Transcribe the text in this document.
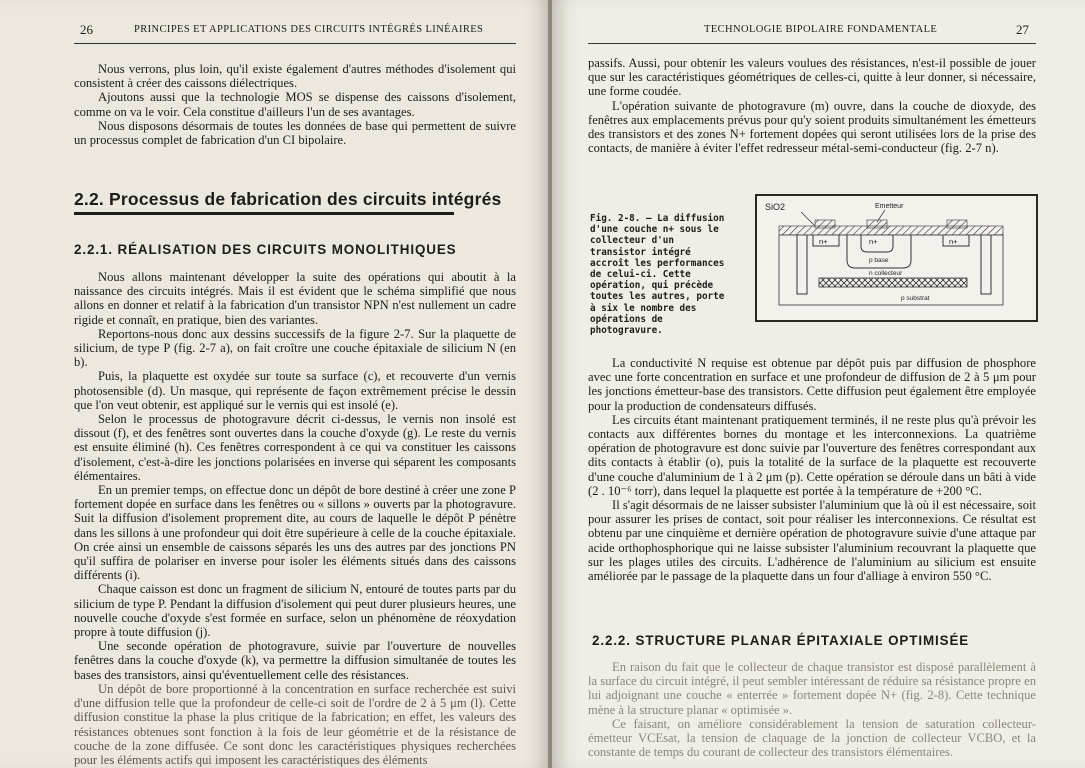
26	PRINCIPES ET APPLICATIONS DES CIRCUITS INTÉGRÉS LINÉAIRES

Nous verrons, plus loin, qu'il existe également d'autres méthodes d'isolement qui consistent à créer des caissons diélectriques.

Ajoutons aussi que la technologie MOS se dispense des caissons d'isolement, comme on va le voir. Cela constitue d'ailleurs l'un de ses avantages.

Nous disposons désormais de toutes les données de base qui permettent de suivre un processus complet de fabrication d'un CI bipolaire.

2.2. Processus de fabrication des circuits intégrés
2.2.1. RÉALISATION DES CIRCUITS MONOLITHIQUES

Nous allons maintenant développer la suite des opérations qui aboutit à la naissance des circuits intégrés. Mais il est évident que le schéma simplifié que nous allons en donner et relatif à la fabrication d'un transistor NPN n'est nullement un cadre rigide et connaît, en pratique, bien des variantes.

Reportons-nous donc aux dessins successifs de la figure 2-7. Sur la plaquette de silicium, de type P (fig. 2-7 a), on fait croître une couche épitaxiale de silicium N (en b).

Puis, la plaquette est oxydée sur toute sa surface (c), et recouverte d'un vernis photosensible (d). Un masque, qui représente de façon extrêmement précise le dessin que l'on veut obtenir, est appliqué sur le vernis qui est insolé (e).

Selon le processus de photogravure décrit ci-dessus, le vernis non insolé est dissout (f), et des fenêtres sont ouvertes dans la couche d'oxyde (g). Le reste du vernis est ensuite éliminé (h). Ces fenêtres correspondent à ce qui va constituer les caissons d'isolement, c'est-à-dire les jonctions polarisées en inverse qui séparent les composants élémentaires.

En un premier temps, on effectue donc un dépôt de bore destiné à créer une zone P fortement dopée en surface dans les fenêtres ou « sillons » ouverts par la photogravure. Suit la diffusion d'isolement proprement dite, au cours de laquelle le dépôt P pénètre dans les sillons à une profondeur qui doit être supérieure à celle de la couche épitaxiale. On crée ainsi un ensemble de caissons séparés les uns des autres par des jonctions PN qu'il suffira de polariser en inverse pour isoler les éléments situés dans des caissons différents (i).

Chaque caisson est donc un fragment de silicium N, entouré de toutes parts par du silicium de type P. Pendant la diffusion d'isolement qui peut durer plusieurs heures, une nouvelle couche d'oxyde s'est formée en surface, selon un phénomène de réoxydation propre à toute diffusion (j).

Une seconde opération de photogravure, suivie par l'ouverture de nouvelles fenêtres dans la couche d'oxyde (k), va permettre la diffusion simultanée de toutes les bases des transistors, ainsi qu'éventuellement celle des résistances.

Un dépôt de bore proportionné à la concentration en surface recherchée est suivi d'une diffusion telle que la profondeur de celle-ci soit de l'ordre de 2 à 5 μm (l). Cette diffusion constitue la phase la plus critique de la fabrication; en effet, les valeurs des résistances obtenues sont fonction à la fois de leur géométrie et de la résistance de couche de la zone diffusée. Ce sont donc les caractéristiques physiques recherchées pour les éléments actifs qui imposent les caractéristiques des éléments

TECHNOLOGIE BIPOLAIRE FONDAMENTALE	27

passifs. Aussi, pour obtenir les valeurs voulues des résistances, n'est-il possible de jouer que sur les caractéristiques géométriques de celles-ci, quitte à leur donner, si nécessaire, une forme coudée.

L'opération suivante de photogravure (m) ouvre, dans la couche de dioxyde, des fenêtres aux emplacements prévus pour qu'y soient produits simultanément les émetteurs des transistors et des zones N+ fortement dopées qui seront utilisées lors de la prise des contacts, de manière à éviter l'effet redresseur métal-semi-conducteur (fig. 2-7 n).

Fig. 2-8. — La diffusion d'une couche n+ sous le collecteur d'un transistor intégré accroît les performances de celui-ci. Cette opération, qui précède toutes les autres, porte à six le nombre des opérations de photogravure.
SiO2	Emetteur
n+	n+	n+
p base
n collecteur
p substrat

La conductivité N requise est obtenue par dépôt puis par diffusion de phosphore avec une forte concentration en surface et une profondeur de diffusion de 2 à 5 μm pour les jonctions émetteur-base des transistors. Cette diffusion peut également être employée pour la production de condensateurs diffusés.

Les circuits étant maintenant pratiquement terminés, il ne reste plus qu'à prévoir les contacts aux différentes bornes du montage et les interconnexions. La quatrième opération de photogravure est donc suivie par l'ouverture des fenêtres correspondant aux dits contacts à établir (o), puis la totalité de la surface de la plaquette est recouverte d'une couche d'aluminium de 1 à 2 μm (p). Cette opération se déroule dans un bâti à vide (2 . 10⁻⁶ torr), dans lequel la plaquette est portée à la température de +200 °C.

Il s'agit désormais de ne laisser subsister l'aluminium que là où il est nécessaire, soit pour assurer les prises de contact, soit pour réaliser les interconnexions. Ce résultat est obtenu par une cinquième et dernière opération de photogravure suivie d'une attaque par acide orthophosphorique qui ne laisse subsister l'aluminium recouvrant la plaquette que sur les plages utiles des circuits. L'adhérence de l'aluminium au silicium est ensuite améliorée par le passage de la plaquette dans un four d'alliage à environ 550 °C.

2.2.2. STRUCTURE PLANAR ÉPITAXIALE OPTIMISÉE

En raison du fait que le collecteur de chaque transistor est disposé parallèlement à la surface du circuit intégré, il peut sembler intéressant de réduire sa résistance propre en lui adjoignant une couche « enterrée » fortement dopée N+ (fig. 2-8). Cette technique mène à la structure planar « optimisée ».

Ce faisant, on améliore considérablement la tension de saturation collecteur-émetteur VCEsat, la tension de claquage de la jonction de collecteur VCBO, et la constante de temps du courant de collecteur des transistors élémentaires.
